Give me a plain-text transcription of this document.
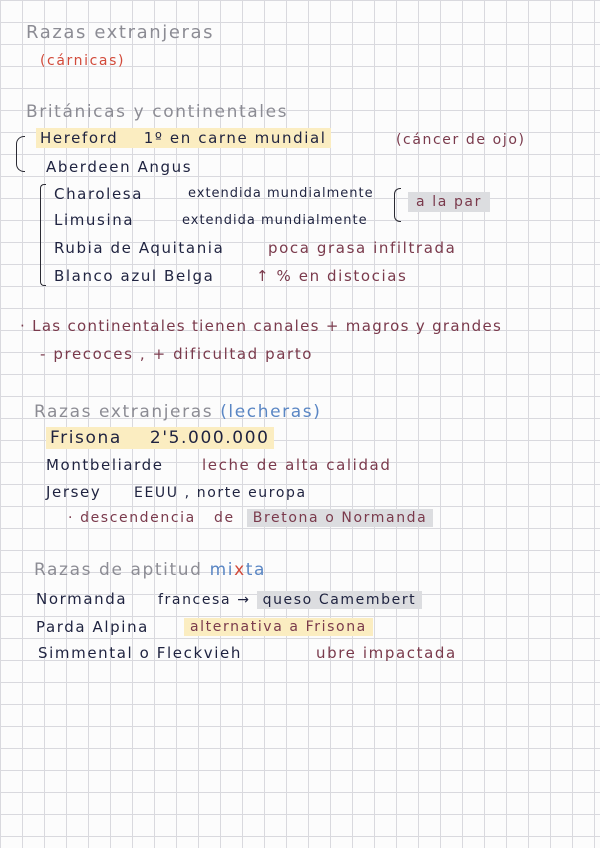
Razas extranjeras
(cárnicas)
Británicas y continentales
Hereford 1º en carne mundial	(cáncer de ojo)
Aberdeen Angus
Charolesa	extendida mundialmente
Limusina	extendida mundialmente
a la par
Rubia de Aquitania	poca grasa infiltrada
Blanco azul Belga	↑ % en distocias
· Las continentales tienen canales + magros y grandes
- precoces , + dificultad parto
Razas extranjeras (lecheras)
Frisona 2'5.000.000
Montbeliarde	leche de alta calidad
Jersey EEUU , norte europa
· descendencia de Bretona o Normanda
Razas de aptitud mixta
Normanda francesa → queso Camembert
Parda Alpina	alternativa a Frisona
Simmental o Fleckvieh	ubre impactada
